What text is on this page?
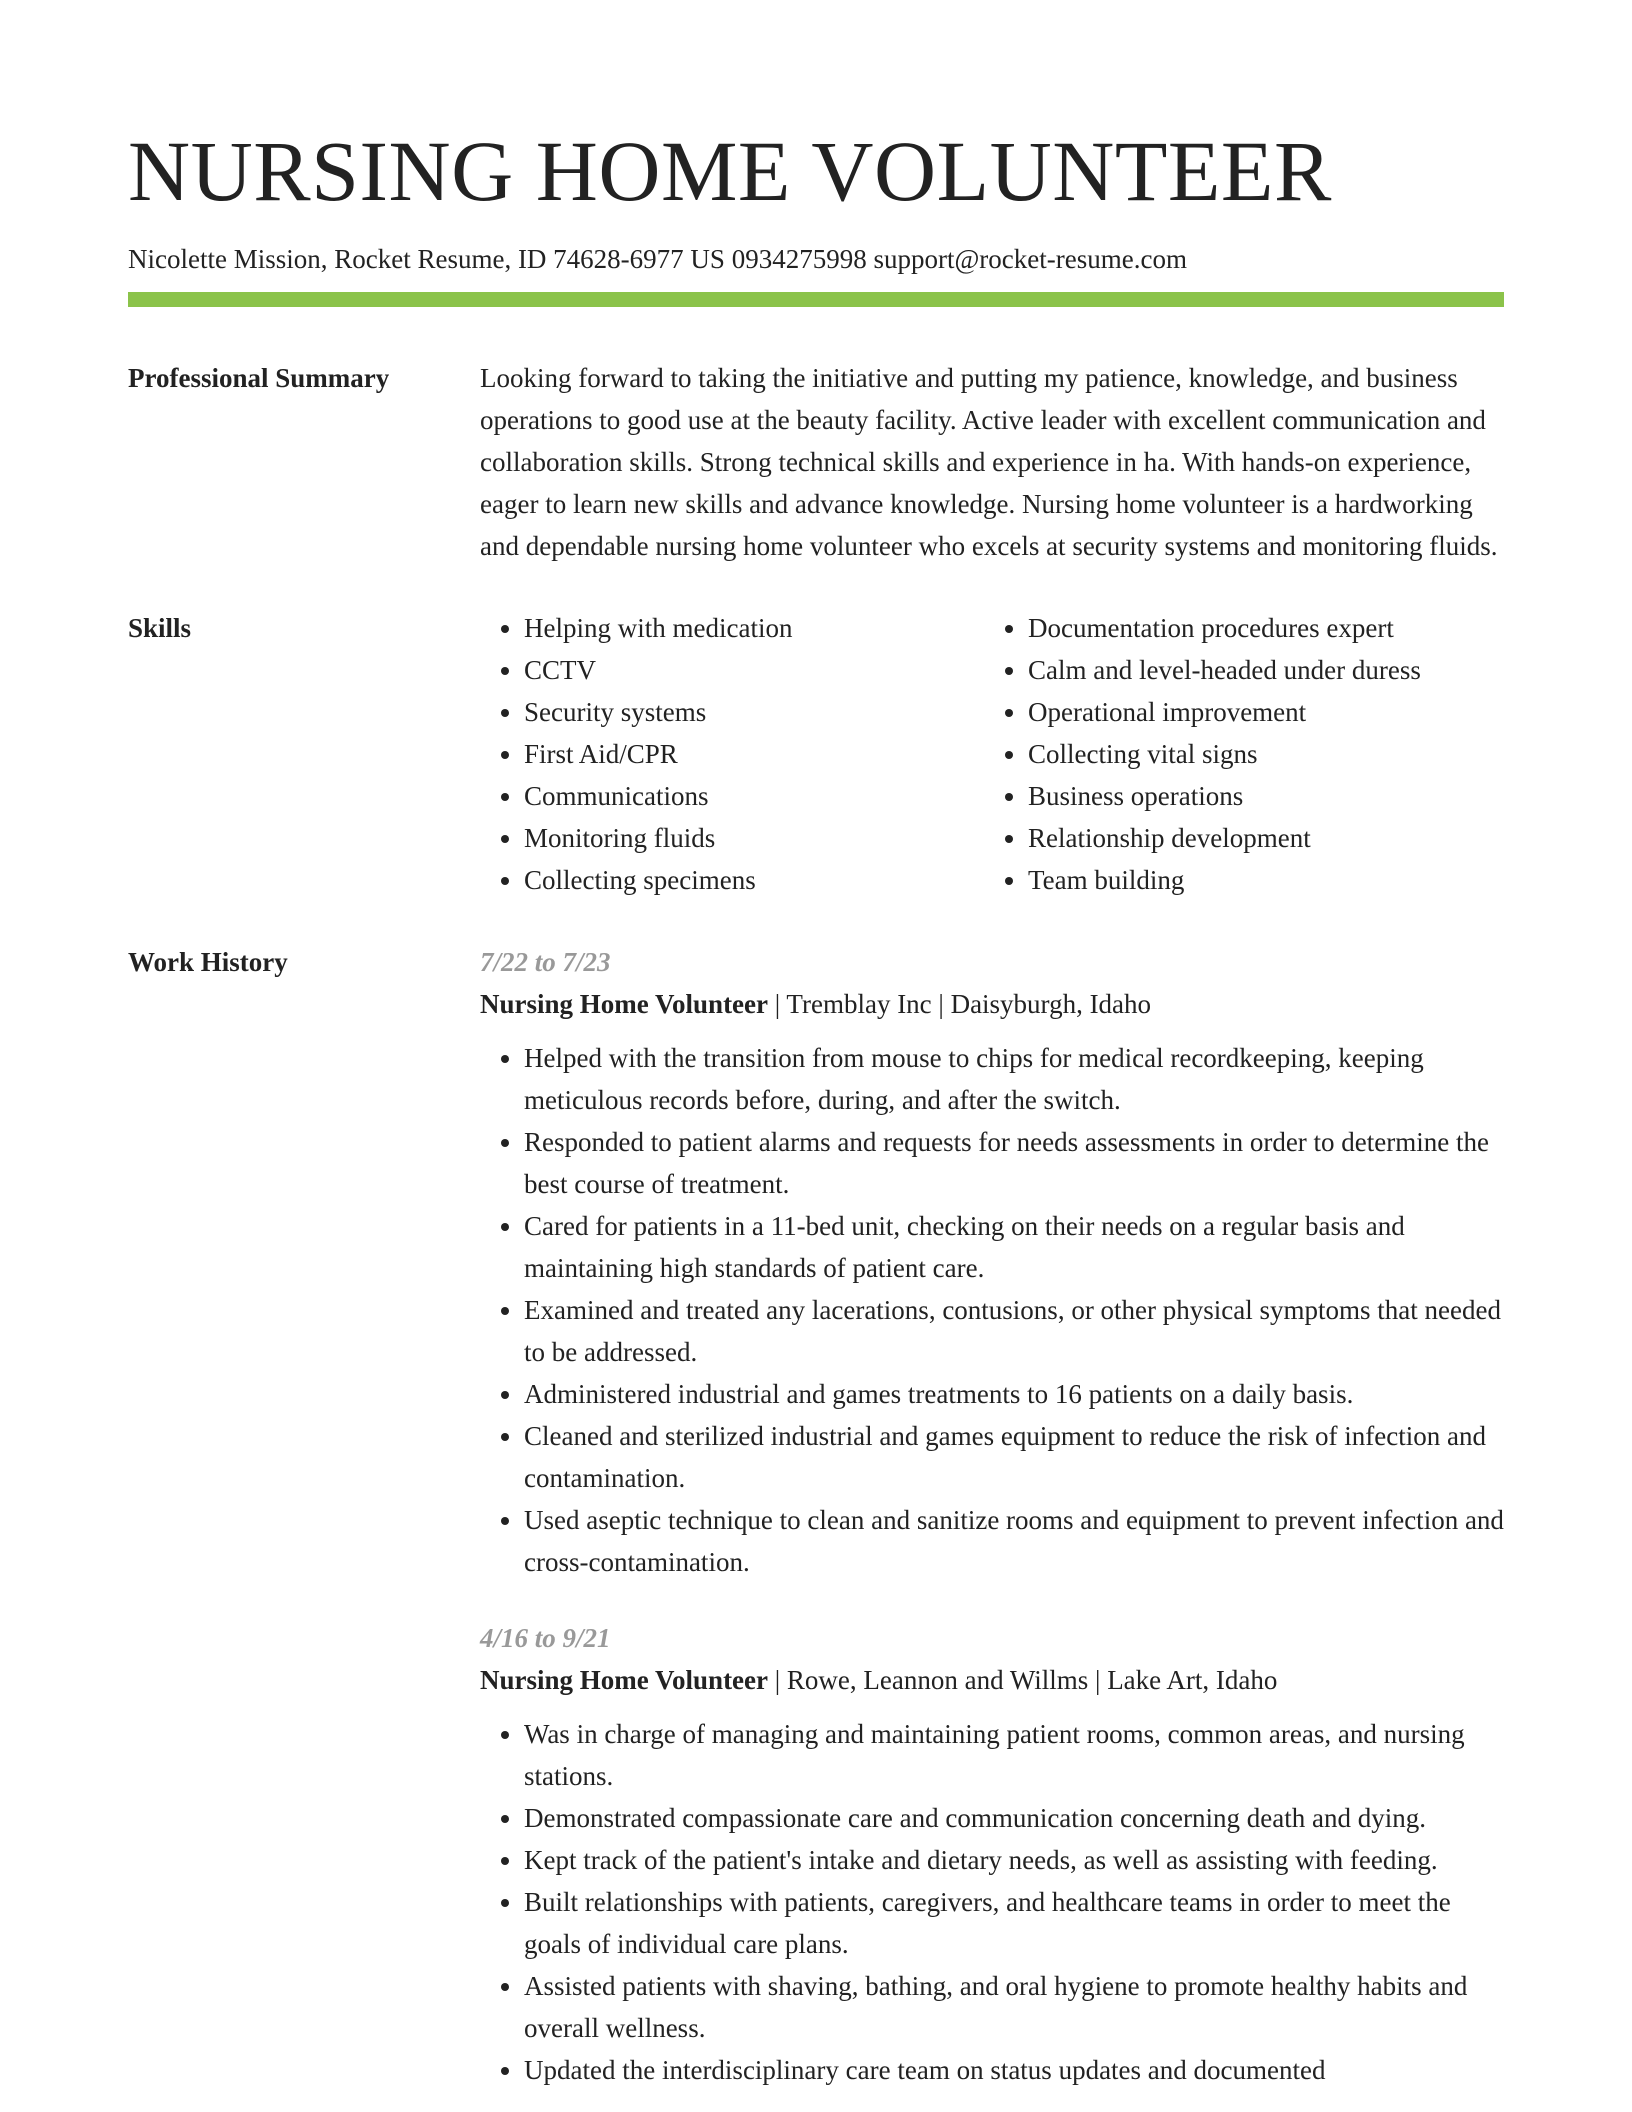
NURSING HOME VOLUNTEER
Nicolette Mission, Rocket Resume, ID 74628-6977 US 0934275998 support@rocket-resume.com
Professional Summary	Looking forward to taking the initiative and putting my patience, knowledge, and business operations to good use at the beauty facility. Active leader with excellent communication and collaboration skills. Strong technical skills and experience in ha. With hands-on experience, eager to learn new skills and advance knowledge. Nursing home volunteer is a hardworking and dependable nursing home volunteer who excels at security systems and monitoring fluids.

Skills
•	Helping with medication
• CCTV
• Security systems
• First Aid/CPR
• Communications
• Monitoring fluids
• Collecting specimens
• Documentation procedures expert
• Calm and level-headed under duress
• Operational improvement
• Collecting vital signs
• Business operations
• Relationship development
• Team building
Work History	7/22 to 7/23
Nursing Home Volunteer | Tremblay Inc | Daisyburgh, Idaho
• Helped with the transition from mouse to chips for medical recordkeeping, keeping meticulous records before, during, and after the switch.
• Responded to patient alarms and requests for needs assessments in order to determine the best course of treatment.
• Cared for patients in a 11-bed unit, checking on their needs on a regular basis and maintaining high standards of patient care.
• Examined and treated any lacerations, contusions, or other physical symptoms that needed to be addressed.
• Administered industrial and games treatments to 16 patients on a daily basis.
• Cleaned and sterilized industrial and games equipment to reduce the risk of infection and contamination.
• Used aseptic technique to clean and sanitize rooms and equipment to prevent infection and cross-contamination.
4/16 to 9/21
Nursing Home Volunteer | Rowe, Leannon and Willms | Lake Art, Idaho
• Was in charge of managing and maintaining patient rooms, common areas, and nursing stations.
• Demonstrated compassionate care and communication concerning death and dying.
• Kept track of the patient's intake and dietary needs, as well as assisting with feeding.
• Built relationships with patients, caregivers, and healthcare teams in order to meet the goals of individual care plans.
• Assisted patients with shaving, bathing, and oral hygiene to promote healthy habits and overall wellness.
• Updated the interdisciplinary care team on status updates and documented
